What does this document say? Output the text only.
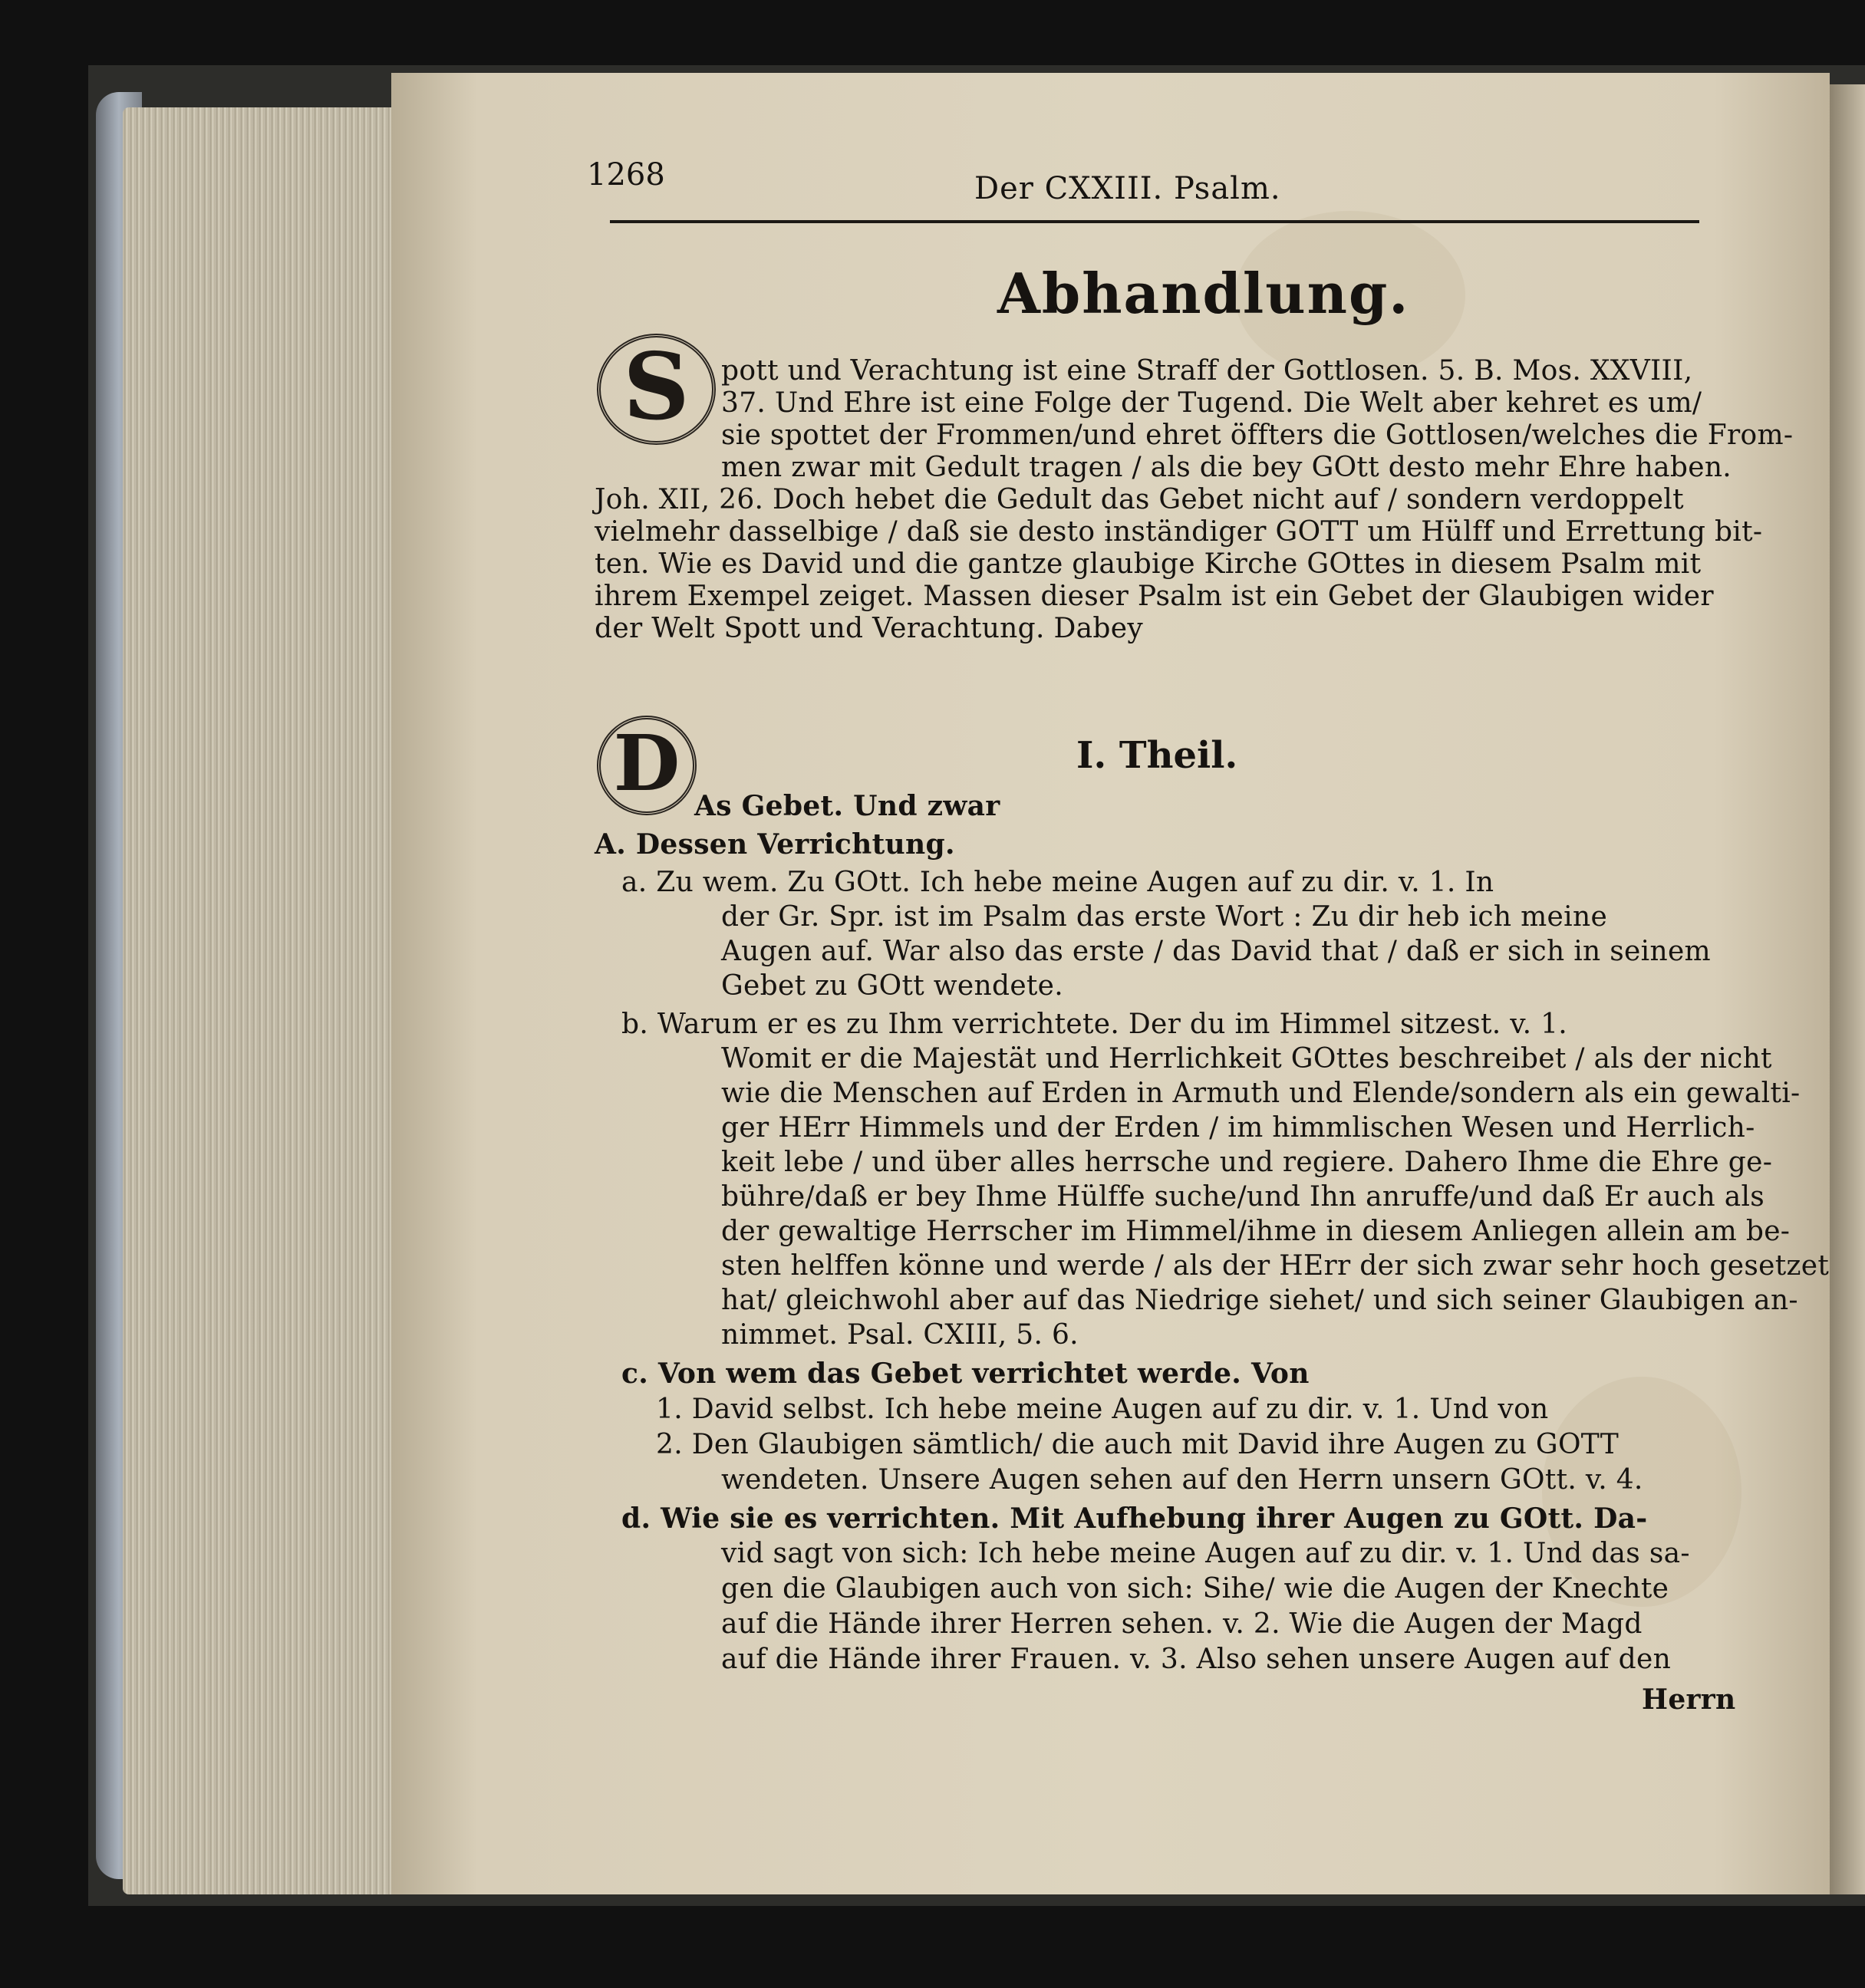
1268	Der CXXIII. Psalm.
Abhandlung.
S	pott und Verachtung ist eine Straff der Gottlosen. 5. B. Mos. XXVIII,
37. Und Ehre ist eine Folge der Tugend. Die Welt aber kehret es um/
sie spottet der Frommen/und ehret öffters die Gottlosen/welches die From-
men zwar mit Gedult tragen / als die bey GOtt desto mehr Ehre haben.
Joh. XII, 26. Doch hebet die Gedult das Gebet nicht auf / sondern verdoppelt
vielmehr dasselbige / daß sie desto inständiger GOTT um Hülff und Errettung bit-
ten. Wie es David und die gantze glaubige Kirche GOttes in diesem Psalm mit
ihrem Exempel zeiget. Massen dieser Psalm ist ein Gebet der Glaubigen wider
der Welt Spott und Verachtung. Dabey
I. Theil.
D As Gebet. Und zwar
A. Dessen Verrichtung.
a. Zu wem. Zu GOtt. Ich hebe meine Augen auf zu dir. v. 1. In
der Gr. Spr. ist im Psalm das erste Wort : Zu dir heb ich meine
Augen auf. War also das erste / das David that / daß er sich in seinem
Gebet zu GOtt wendete.
b. Warum er es zu Ihm verrichtete. Der du im Himmel sitzest. v. 1.
Womit er die Majestät und Herrlichkeit GOttes beschreibet / als der nicht
wie die Menschen auf Erden in Armuth und Elende/sondern als ein gewalti-
ger HErr Himmels und der Erden / im himmlischen Wesen und Herrlich-
keit lebe / und über alles herrsche und regiere. Dahero Ihme die Ehre ge-
bühre/daß er bey Ihme Hülffe suche/und Ihn anruffe/und daß Er auch als
der gewaltige Herrscher im Himmel/ihme in diesem Anliegen allein am be-
sten helffen könne und werde / als der HErr der sich zwar sehr hoch gesetzet
hat/ gleichwohl aber auf das Niedrige siehet/ und sich seiner Glaubigen an-
nimmet. Psal. CXIII, 5. 6.
c. Von wem das Gebet verrichtet werde. Von
1. David selbst. Ich hebe meine Augen auf zu dir. v. 1. Und von
2. Den Glaubigen sämtlich/ die auch mit David ihre Augen zu GOTT
wendeten. Unsere Augen sehen auf den Herrn unsern GOtt. v. 4.
d. Wie sie es verrichten. Mit Aufhebung ihrer Augen zu GOtt. Da-
vid sagt von sich: Ich hebe meine Augen auf zu dir. v. 1. Und das sa-
gen die Glaubigen auch von sich: Sihe/ wie die Augen der Knechte
auf die Hände ihrer Herren sehen. v. 2. Wie die Augen der Magd
auf die Hände ihrer Frauen. v. 3. Also sehen unsere Augen auf den
Herrn
